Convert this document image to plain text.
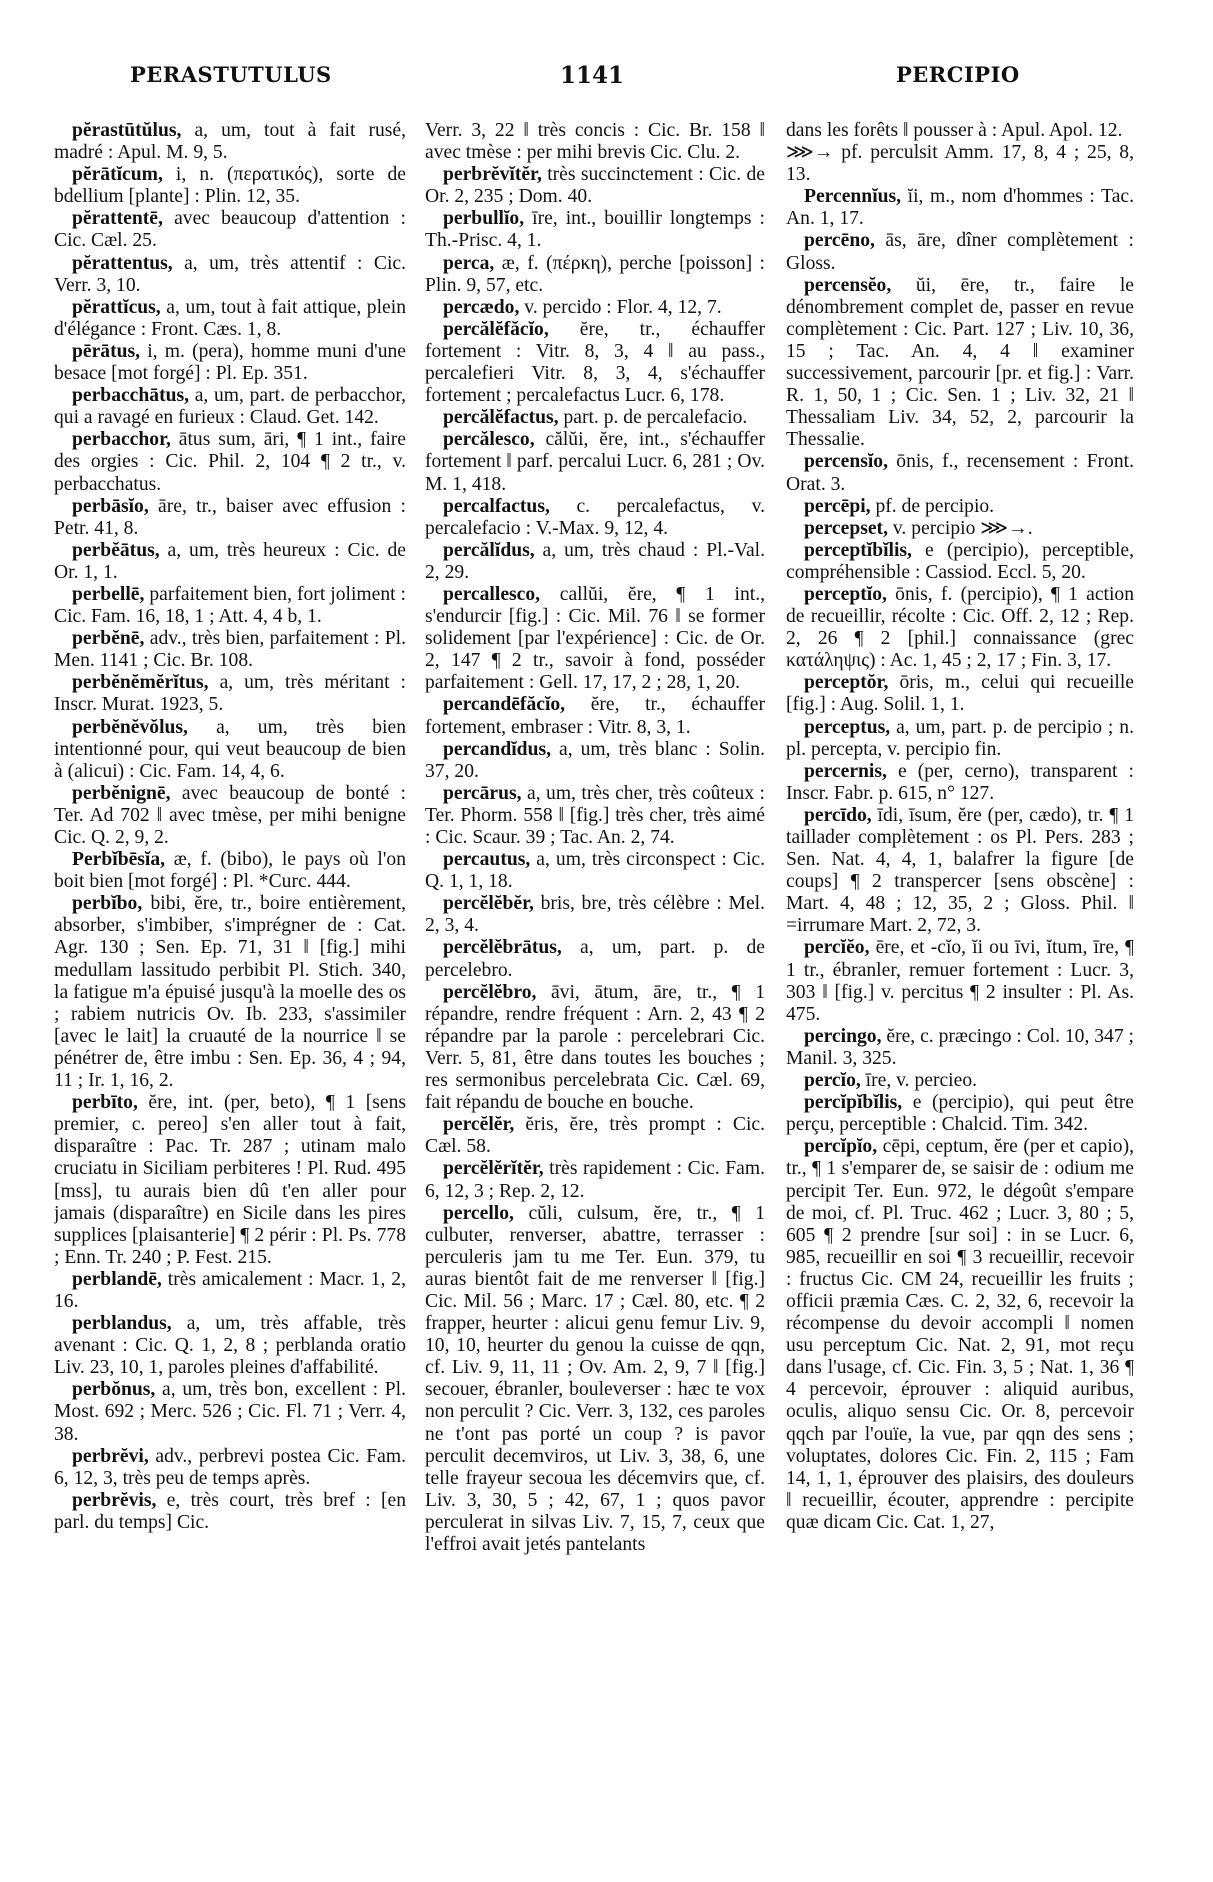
PERASTUTULUS	1141	PERCIPIO

pĕrastūtŭlus, a, um, tout à fait rusé, madré : Apul. M. 9, 5.

pĕrātĭcum, i, n. (περατικός), sorte de bdellium [plante] : Plin. 12, 35.

pĕrattentē, avec beaucoup d'attention : Cic. Cæl. 25.

pĕrattentus, a, um, très attentif : Cic. Verr. 3, 10.

pĕrattĭcus, a, um, tout à fait attique, plein d'élégance : Front. Cæs. 1, 8.

pērātus, i, m. (pera), homme muni d'une besace [mot forgé] : Pl. Ep. 351.

perbacchātus, a, um, part. de perbacchor, qui a ravagé en furieux : Claud. Get. 142.

perbacchor, ātus sum, āri, ¶ 1 int., faire des orgies : Cic. Phil. 2, 104 ¶ 2 tr., v. perbacchatus.

perbāsĭo, āre, tr., baiser avec effusion : Petr. 41, 8.

perbĕātus, a, um, très heureux : Cic. de Or. 1, 1.

perbellē, parfaitement bien, fort joliment : Cic. Fam. 16, 18, 1 ; Att. 4, 4 b, 1.

perbĕnē, adv., très bien, parfaitement : Pl. Men. 1141 ; Cic. Br. 108.

perbĕnĕmĕrĭtus, a, um, très méritant : Inscr. Murat. 1923, 5.

perbĕnĕvŏlus, a, um, très bien intentionné pour, qui veut beaucoup de bien à (alicui) : Cic. Fam. 14, 4, 6.

perbĕnignē, avec beaucoup de bonté : Ter. Ad 702 ‖ avec tmèse, per mihi benigne Cic. Q. 2, 9, 2.

Perbĭbēsĭa, æ, f. (bibo), le pays où l'on boit bien [mot forgé] : Pl. *Curc. 444.

perbĭbo, bibi, ĕre, tr., boire entièrement, absorber, s'imbiber, s'imprégner de : Cat. Agr. 130 ; Sen. Ep. 71, 31 ‖ [fig.] mihi medullam lassitudo perbibit Pl. Stich. 340, la fatigue m'a épuisé jusqu'à la moelle des os ; rabiem nutricis Ov. Ib. 233, s'assimiler [avec le lait] la cruauté de la nourrice ‖ se pénétrer de, être imbu : Sen. Ep. 36, 4 ; 94, 11 ; Ir. 1, 16, 2.

perbīto, ĕre, int. (per, beto), ¶ 1 [sens premier, c. pereo] s'en aller tout à fait, disparaître : Pac. Tr. 287 ; utinam malo cruciatu in Siciliam perbiteres ! Pl. Rud. 495 [mss], tu aurais bien dû t'en aller pour jamais (disparaître) en Sicile dans les pires supplices [plaisanterie] ¶ 2 périr : Pl. Ps. 778 ; Enn. Tr. 240 ; P. Fest. 215.

perblandē, très amicalement : Macr. 1, 2, 16.

perblandus, a, um, très affable, très avenant : Cic. Q. 1, 2, 8 ; perblanda oratio Liv. 23, 10, 1, paroles pleines d'affabilité.

perbŏnus, a, um, très bon, excellent : Pl. Most. 692 ; Merc. 526 ; Cic. Fl. 71 ; Verr. 4, 38.

perbrĕvi, adv., perbrevi postea Cic. Fam. 6, 12, 3, très peu de temps après.

perbrĕvis, e, très court, très bref : [en parl. du temps] Cic.

Verr. 3, 22 ‖ très concis : Cic. Br. 158 ‖ avec tmèse : per mihi brevis Cic. Clu. 2.

perbrĕvĭtĕr, très succinctement : Cic. de Or. 2, 235 ; Dom. 40.

perbullĭo, īre, int., bouillir longtemps : Th.-Prisc. 4, 1.

perca, æ, f. (πέρκη), perche [poisson] : Plin. 9, 57, etc.

percædo, v. percido : Flor. 4, 12, 7.

percălĕfăcĭo, ĕre, tr., échauffer fortement : Vitr. 8, 3, 4 ‖ au pass., percalefieri Vitr. 8, 3, 4, s'échauffer fortement ; percalefactus Lucr. 6, 178.

percălĕfactus, part. p. de percalefacio.

percălesco, călŭi, ĕre, int., s'échauffer fortement ‖ parf. percalui Lucr. 6, 281 ; Ov. M. 1, 418.

percalfactus, c. percalefactus, v. percalefacio : V.-Max. 9, 12, 4.

percălĭdus, a, um, très chaud : Pl.-Val. 2, 29.

percallesco, callŭi, ĕre, ¶ 1 int., s'endurcir [fig.] : Cic. Mil. 76 ‖ se former solidement [par l'expérience] : Cic. de Or. 2, 147 ¶ 2 tr., savoir à fond, posséder parfaitement : Gell. 17, 17, 2 ; 28, 1, 20.

percandēfăcĭo, ĕre, tr., échauffer fortement, embraser : Vitr. 8, 3, 1.

percandĭdus, a, um, très blanc : Solin. 37, 20.

percārus, a, um, très cher, très coûteux : Ter. Phorm. 558 ‖ [fig.] très cher, très aimé : Cic. Scaur. 39 ; Tac. An. 2, 74.

percautus, a, um, très circonspect : Cic. Q. 1, 1, 18.

percĕlĕbĕr, bris, bre, très célèbre : Mel. 2, 3, 4.

percĕlĕbrātus, a, um, part. p. de percelebro.

percĕlĕbro, āvi, ātum, āre, tr., ¶ 1 répandre, rendre fréquent : Arn. 2, 43 ¶ 2 répandre par la parole : percelebrari Cic. Verr. 5, 81, être dans toutes les bouches ; res sermonibus percelebrata Cic. Cæl. 69, fait répandu de bouche en bouche.

percĕlĕr, ĕris, ĕre, très prompt : Cic. Cæl. 58.

percĕlĕrĭtĕr, très rapidement : Cic. Fam. 6, 12, 3 ; Rep. 2, 12.

percello, cŭli, culsum, ĕre, tr., ¶ 1 culbuter, renverser, abattre, terrasser : perculeris jam tu me Ter. Eun. 379, tu auras bientôt fait de me renverser ‖ [fig.] Cic. Mil. 56 ; Marc. 17 ; Cæl. 80, etc. ¶ 2 frapper, heurter : alicui genu femur Liv. 9, 10, 10, heurter du genou la cuisse de qqn, cf. Liv. 9, 11, 11 ; Ov. Am. 2, 9, 7 ‖ [fig.] secouer, ébranler, bouleverser : hæc te vox non perculit ? Cic. Verr. 3, 132, ces paroles ne t'ont pas porté un coup ? is pavor perculit decemviros, ut Liv. 3, 38, 6, une telle frayeur secoua les décemvirs que, cf. Liv. 3, 30, 5 ; 42, 67, 1 ; quos pavor perculerat in silvas Liv. 7, 15, 7, ceux que l'effroi avait jetés pantelants

dans les forêts ‖ pousser à : Apul. Apol. 12.

⋙→ pf. perculsit Amm. 17, 8, 4 ; 25, 8, 13.

Percennĭus, ĭi, m., nom d'hommes : Tac. An. 1, 17.

percēno, ās, āre, dîner complètement : Gloss.

percensĕo, ŭi, ēre, tr., faire le dénombrement complet de, passer en revue complètement : Cic. Part. 127 ; Liv. 10, 36, 15 ; Tac. An. 4, 4 ‖ examiner successivement, parcourir [pr. et fig.] : Varr. R. 1, 50, 1 ; Cic. Sen. 1 ; Liv. 32, 21 ‖ Thessaliam Liv. 34, 52, 2, parcourir la Thessalie.

percensĭo, ōnis, f., recensement : Front. Orat. 3.

percēpi, pf. de percipio.

percepset, v. percipio ⋙→.

perceptĭbĭlis, e (percipio), perceptible, compréhensible : Cassiod. Eccl. 5, 20.

perceptĭo, ōnis, f. (percipio), ¶ 1 action de recueillir, récolte : Cic. Off. 2, 12 ; Rep. 2, 26 ¶ 2 [phil.] connaissance (grec κατάληψις) : Ac. 1, 45 ; 2, 17 ; Fin. 3, 17.

perceptŏr, ōris, m., celui qui recueille [fig.] : Aug. Solil. 1, 1.

perceptus, a, um, part. p. de percipio ; n. pl. percepta, v. percipio fin.

percernis, e (per, cerno), transparent : Inscr. Fabr. p. 615, n° 127.

percīdo, īdi, īsum, ĕre (per, cædo), tr. ¶ 1 taillader complètement : os Pl. Pers. 283 ; Sen. Nat. 4, 4, 1, balafrer la figure [de coups] ¶ 2 transpercer [sens obscène] : Mart. 4, 48 ; 12, 35, 2 ; Gloss. Phil. ‖ =irrumare Mart. 2, 72, 3.

percĭĕo, ēre, et -cĭo, ĭi ou īvi, ĭtum, īre, ¶ 1 tr., ébranler, remuer fortement : Lucr. 3, 303 ‖ [fig.] v. percitus ¶ 2 insulter : Pl. As. 475.

percingo, ĕre, c. præcingo : Col. 10, 347 ; Manil. 3, 325.

percĭo, īre, v. percieo.

percĭpĭbĭlis, e (percipio), qui peut être perçu, perceptible : Chalcid. Tim. 342.

percĭpĭo, cēpi, ceptum, ĕre (per et capio), tr., ¶ 1 s'emparer de, se saisir de : odium me percipit Ter. Eun. 972, le dégoût s'empare de moi, cf. Pl. Truc. 462 ; Lucr. 3, 80 ; 5, 605 ¶ 2 prendre [sur soi] : in se Lucr. 6, 985, recueillir en soi ¶ 3 recueillir, recevoir : fructus Cic. CM 24, recueillir les fruits ; officii præmia Cæs. C. 2, 32, 6, recevoir la récompense du devoir accompli ‖ nomen usu perceptum Cic. Nat. 2, 91, mot reçu dans l'usage, cf. Cic. Fin. 3, 5 ; Nat. 1, 36 ¶ 4 percevoir, éprouver : aliquid auribus, oculis, aliquo sensu Cic. Or. 8, percevoir qqch par l'ouïe, la vue, par qqn des sens ; voluptates, dolores Cic. Fin. 2, 115 ; Fam 14, 1, 1, éprouver des plaisirs, des douleurs ‖ recueillir, écouter, apprendre : percipite quæ dicam Cic. Cat. 1, 27,
